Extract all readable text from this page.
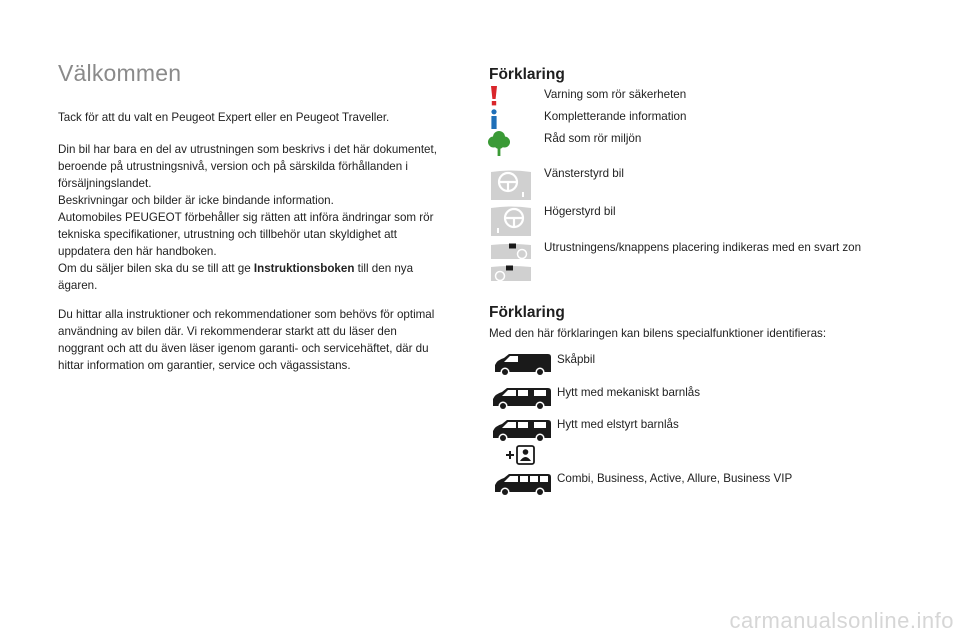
Välkommen

Tack för att du valt en Peugeot Expert eller en Peugeot Traveller.

Din bil har bara en del av utrustningen som beskrivs i det här dokumentet, beroende på utrustningsnivå, version och på särskilda förhållanden i försäljningslandet.

Beskrivningar och bilder är icke bindande information.
Automobiles PEUGEOT förbehåller sig rätten att införa ändringar som rör tekniska specifikationer, utrustning och tillbehör utan skyldighet att uppdatera den här handboken.

Om du säljer bilen ska du se till att ge Instruktionsboken till den nya ägaren.

Du hittar alla instruktioner och rekommendationer som behövs för optimal användning av bilen där. Vi rekommenderar starkt att du läser den noggrant och att du även läser igenom garanti- och servicehäftet, där du hittar information om garantier, service och vägassistans.

Förklaring
Varning som rör säkerheten
Kompletterande information
Råd som rör miljön
Vänsterstyrd bil
Högerstyrd bil
Utrustningens/knappens placering indikeras med en svart zon
Förklaring
Med den här förklaringen kan bilens specialfunktioner identifieras:
Skåpbil
Hytt med mekaniskt barnlås
Hytt med elstyrt barnlås
Combi, Business, Active, Allure, Business VIP
carmanualsonline.info
